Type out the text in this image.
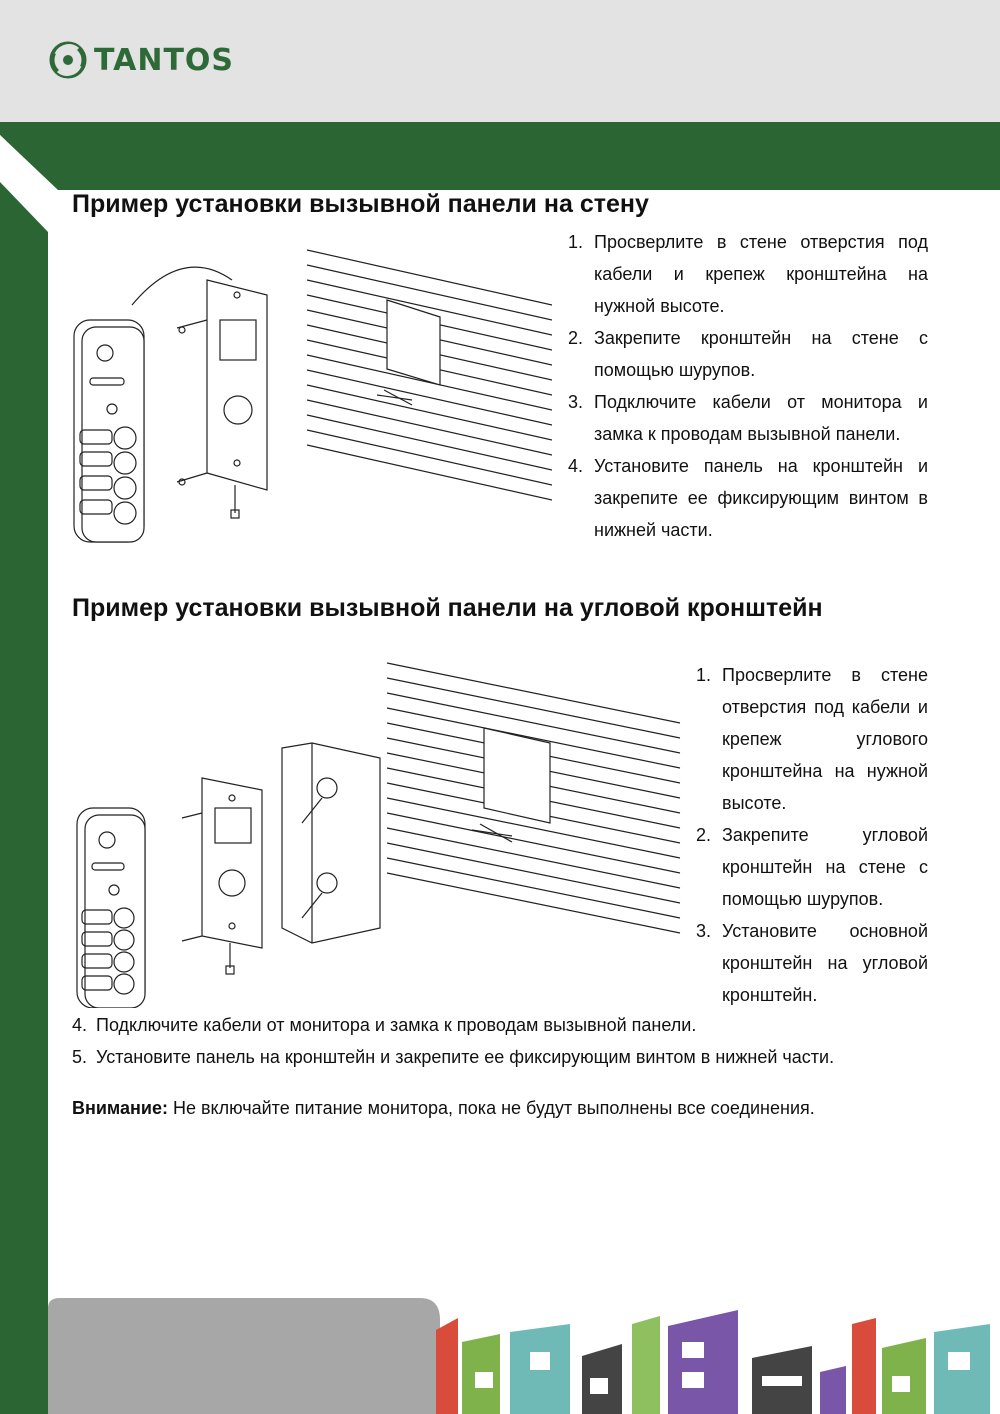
TANTOS
Пример установки вызывной панели на стену
1. Просверлите в стене отверстия под кабели и крепеж кронштейна на нужной высоте.
2. Закрепите кронштейн на стене с помощью шурупов.
3. Подключите кабели от монитора и замка к проводам вызывной панели.
4. Установите панель на кронштейн и закрепите ее фиксирующим винтом в нижней части.
Пример установки вызывной панели на угловой кронштейн
1. Просверлите в стене отверстия под кабели и крепеж углового кронштейна на нужной высоте.
2. Закрепите угловой кронштейн на стене с помощью шурупов.
3. Установите основной кронштейн на угловой кронштейн.

4. Подключите кабели от монитора и замка к проводам вызывной панели.

5. Установите панель на кронштейн и закрепите ее фиксирующим винтом в нижней части.

Внимание: Не включайте питание монитора, пока не будут выполнены все соединения.
